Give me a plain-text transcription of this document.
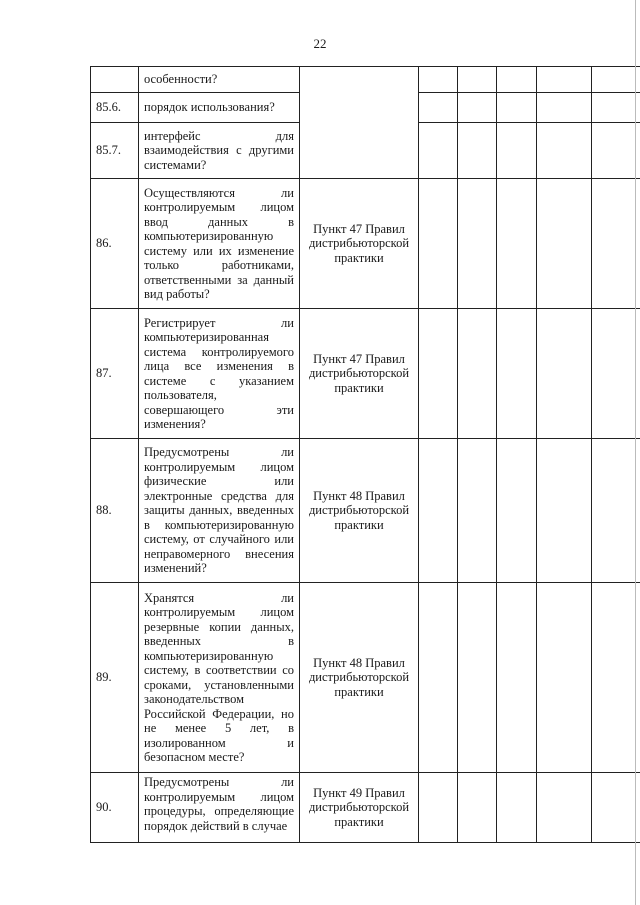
22
	особенности?						
85.6.	порядок использования?						
85.7.	интерфейс для взаимодействия с другими системами?						
86.	Осуществляются ли контролируемым лицом ввод данных в компьютеризированную систему или их изменение только работниками, ответственными за данный вид работы?	Пункт 47 Правил дистрибьюторской практики					
87.	Регистрирует ли компьютеризированная система контролируемого лица все изменения в системе с указанием пользователя, совершающего эти изменения?	Пункт 47 Правил дистрибьюторской практики					
88.	Предусмотрены ли контролируемым лицом физические или электронные средства для защиты данных, введенных в компьютеризированную систему, от случайного или неправомерного внесения изменений?	Пункт 48 Правил дистрибьюторской практики					
89.	Хранятся ли контролируемым лицом резервные копии данных, введенных в компьютеризированную систему, в соответствии со сроками, установленными законодательством Российской Федерации, но не менее 5 лет, в изолированном и безопасном месте?	Пункт 48 Правил дистрибьюторской практики					
90.	Предусмотрены ли контролируемым лицом процедуры, определяющие порядок действий в случае	Пункт 49 Правил дистрибьюторской практики					
